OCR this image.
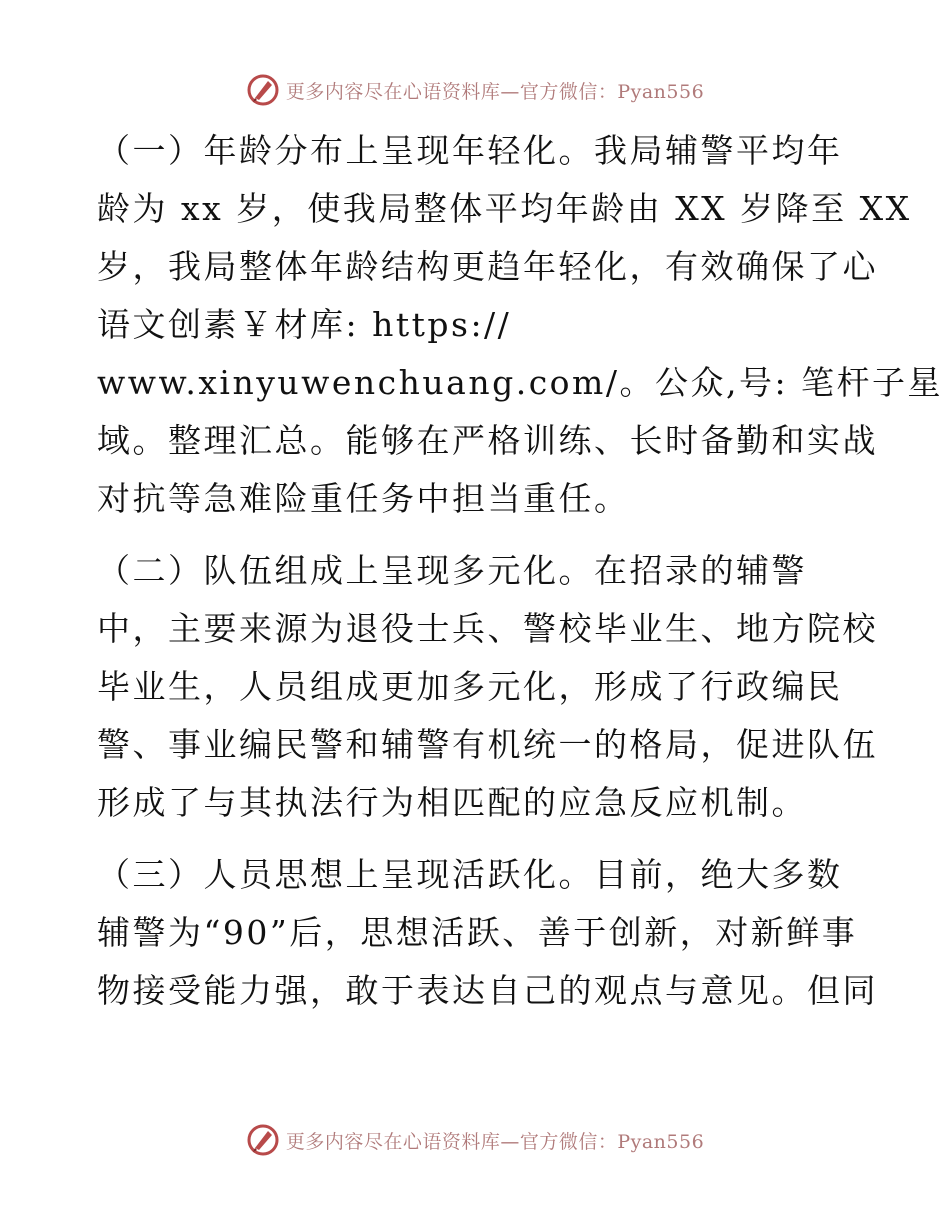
更多内容尽在心语资料库—官方微信：Pyan556

（一）年龄分布上呈现年轻化。我局辅警平均年
龄为 xx 岁，使我局整体平均年龄由 XX 岁降至 XX
岁，我局整体年龄结构更趋年轻化，有效确保了心
语文创素￥材库: https://
www.xinyuwenchuang.com/。公众,号: 笔杆子星
域。整理汇总。能够在严格训练、长时备勤和实战
对抗等急难险重任务中担当重任。

（二）队伍组成上呈现多元化。在招录的辅警
中，主要来源为退役士兵、警校毕业生、地方院校
毕业生，人员组成更加多元化，形成了行政编民
警、事业编民警和辅警有机统一的格局，促进队伍
形成了与其执法行为相匹配的应急反应机制。

（三）人员思想上呈现活跃化。目前，绝大多数
辅警为“90”后，思想活跃、善于创新，对新鲜事
物接受能力强，敢于表达自己的观点与意见。但同

更多内容尽在心语资料库—官方微信：Pyan556
